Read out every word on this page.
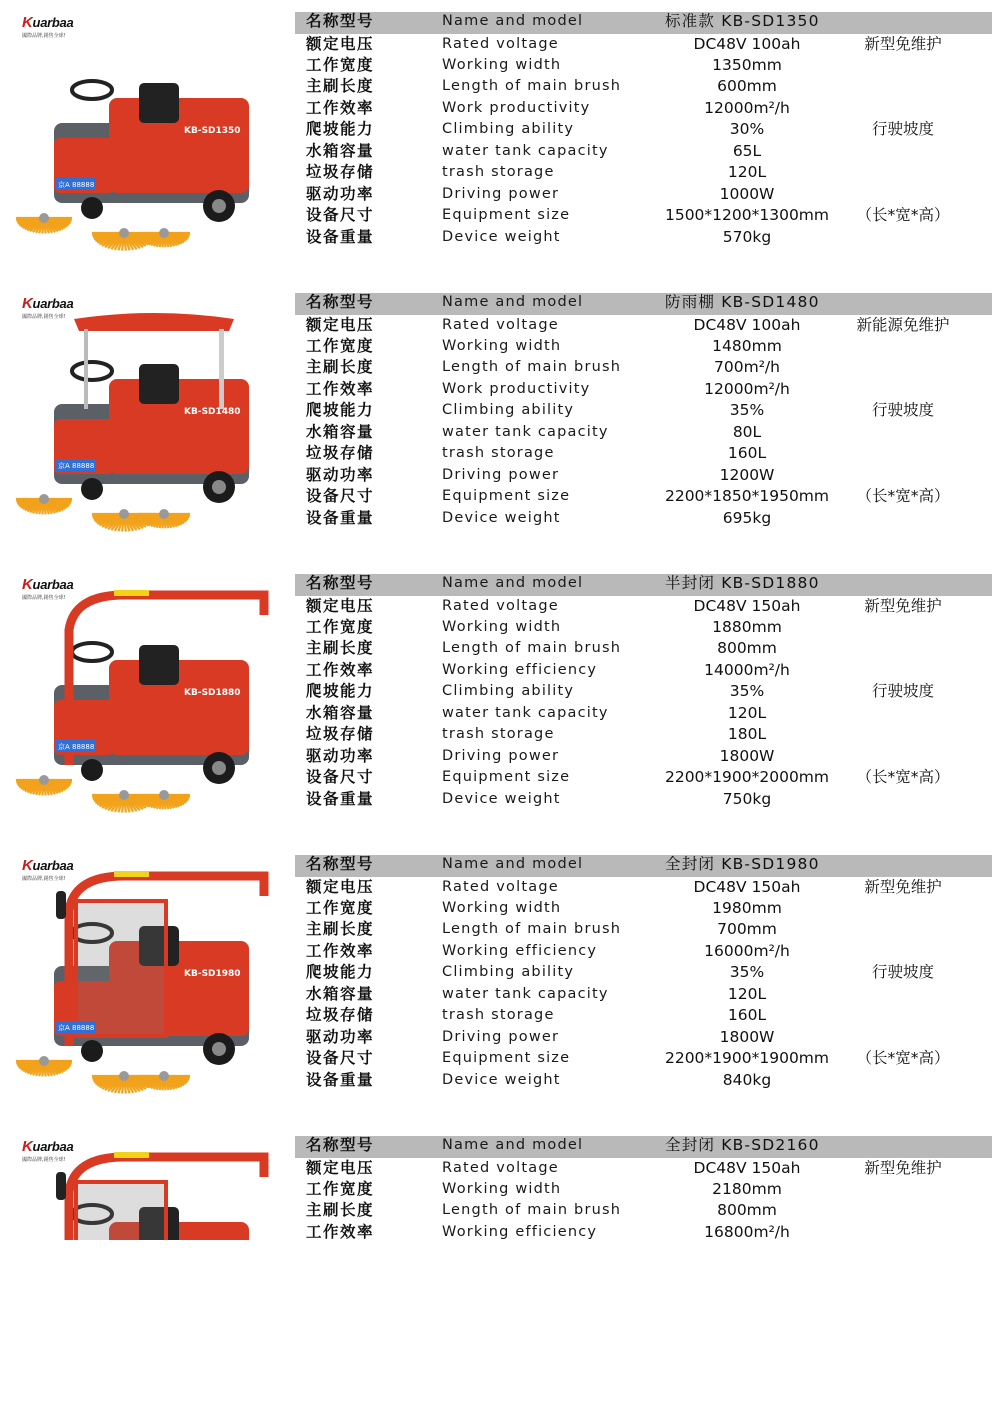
Kuarbaa
國際品牌,銷售全球!
KB-SD1350
京A 88888
名称型号	Name and model	标准款 KB-SD1350
额定电压	Rated voltage	DC48V 100ah	新型免维护
工作宽度	Working width	1350mm
主刷长度	Length of main brush	600mm
工作效率	Work productivity	12000m²/h
爬坡能力	Climbing ability	30%	行驶坡度
水箱容量	water tank capacity	65L
垃圾存储	trash storage	120L
驱动功率	Driving power	1000W
设备尺寸	Equipment size	1500*1200*1300mm	（长*宽*高）
设备重量	Device weight	570kg
Kuarbaa
國際品牌,銷售全球!
KB-SD1480
京A 88888
名称型号	Name and model	防雨棚 KB-SD1480
额定电压	Rated voltage	DC48V 100ah	新能源免维护
工作宽度	Working width	1480mm
主刷长度	Length of main brush	700m²/h
工作效率	Work productivity	12000m²/h
爬坡能力	Climbing ability	35%	行驶坡度
水箱容量	water tank capacity	80L
垃圾存储	trash storage	160L
驱动功率	Driving power	1200W
设备尺寸	Equipment size	2200*1850*1950mm	（长*宽*高）
设备重量	Device weight	695kg
Kuarbaa
國際品牌,銷售全球!
KB-SD1880
京A 88888
名称型号	Name and model	半封闭 KB-SD1880
额定电压	Rated voltage	DC48V 150ah	新型免维护
工作宽度	Working width	1880mm
主刷长度	Length of main brush	800mm
工作效率	Working efficiency	14000m²/h
爬坡能力	Climbing ability	35%	行驶坡度
水箱容量	water tank capacity	120L
垃圾存储	trash storage	180L
驱动功率	Driving power	1800W
设备尺寸	Equipment size	2200*1900*2000mm	（长*宽*高）
设备重量	Device weight	750kg
Kuarbaa
國際品牌,銷售全球!
KB-SD1980
京A 88888
名称型号	Name and model	全封闭 KB-SD1980
额定电压	Rated voltage	DC48V 150ah	新型免维护
工作宽度	Working width	1980mm
主刷长度	Length of main brush	700mm
工作效率	Working efficiency	16000m²/h
爬坡能力	Climbing ability	35%	行驶坡度
水箱容量	water tank capacity	120L
垃圾存储	trash storage	160L
驱动功率	Driving power	1800W
设备尺寸	Equipment size	2200*1900*1900mm	（长*宽*高）
设备重量	Device weight	840kg
Kuarbaa
國際品牌,銷售全球!
名称型号	Name and model	全封闭 KB-SD2160
额定电压	Rated voltage	DC48V 150ah	新型免维护
工作宽度	Working width	2180mm
主刷长度	Length of main brush	800mm
工作效率	Working efficiency	16800m²/h
